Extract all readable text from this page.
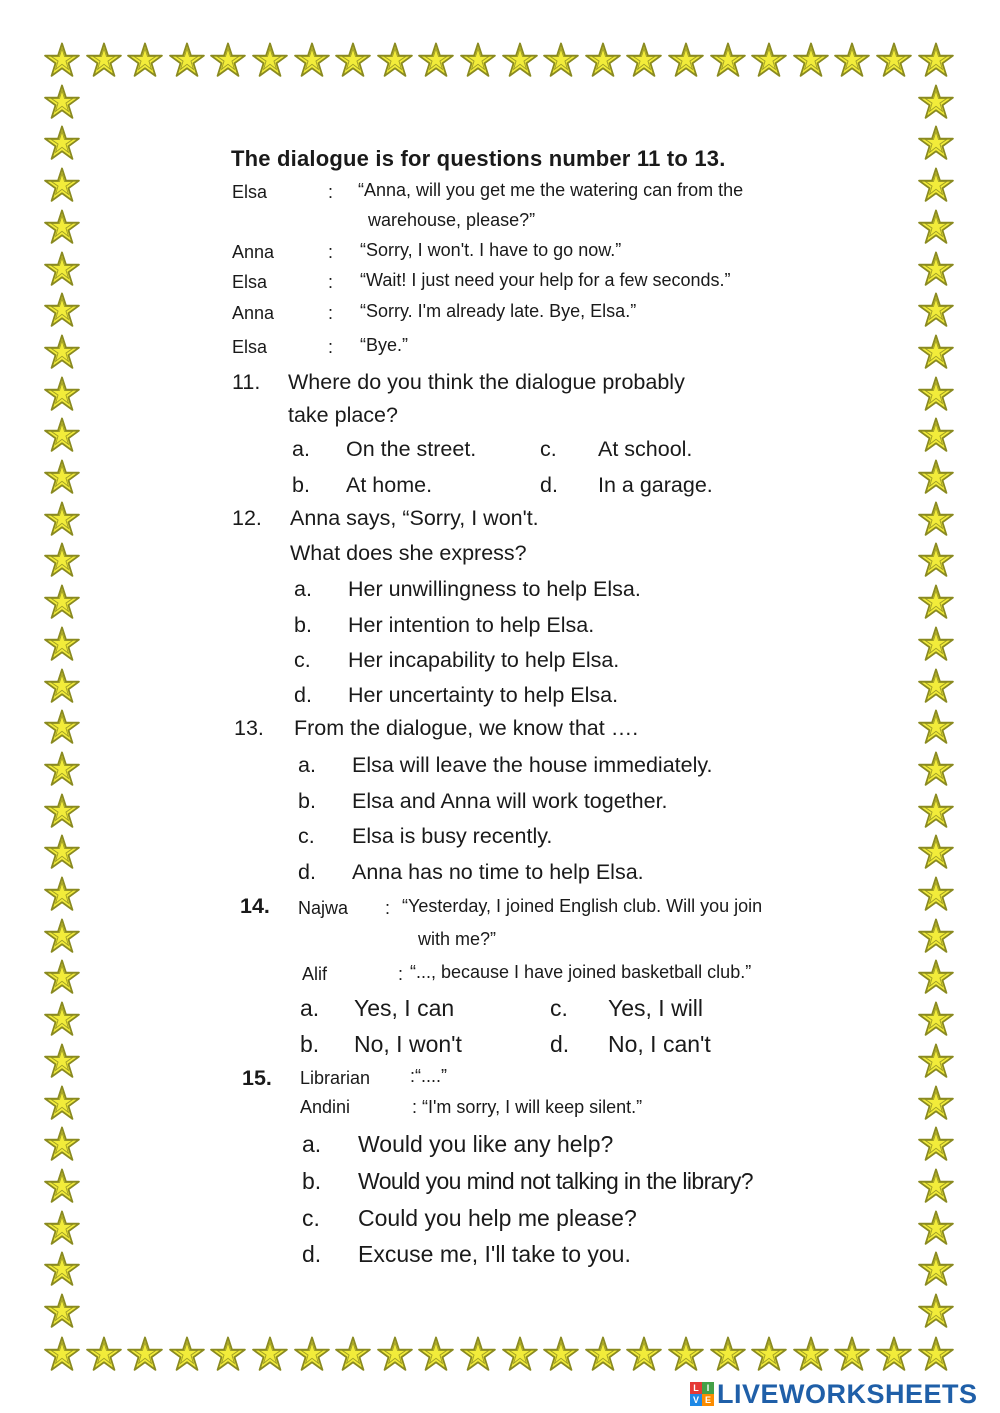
The dialogue is for questions number 11 to 13.
Elsa	: “Anna, will you get me the watering can from the
warehouse, please?”
Anna	: “Sorry, I won't. I have to go now.”
Elsa	: “Wait! I just need your help for a few seconds.”
Anna	: “Sorry. I'm already late. Bye, Elsa.”
Elsa	: “Bye.”
11. Where do you think the dialogue probably
take place?
a. On the street.	c. At school.
b. At home.	d. In a garage.
12. Anna says, “Sorry, I won't.
What does she express?
a. Her unwillingness to help Elsa.
b. Her intention to help Elsa.
c. Her incapability to help Elsa.
d. Her uncertainty to help Elsa.
13. From the dialogue, we know that ….
a. Elsa will leave the house immediately.
b. Elsa and Anna will work together.
c. Elsa is busy recently.
d. Anna has no time to help Elsa.
14. Najwa : “Yesterday, I joined English club. Will you join
with me?”
Alif	: “..., because I have joined basketball club.”
a. Yes, I can	c. Yes, I will
b. No, I won't	d. No, I can't
15. Librarian :“....”
Andini	: “I'm sorry, I will keep silent.”
a. Would you like any help?
b. Would you mind not talking in the library?
c. Could you help me please?
d. Excuse me, I'll take to you.
L I
V E LIVEWORKSHEETS
